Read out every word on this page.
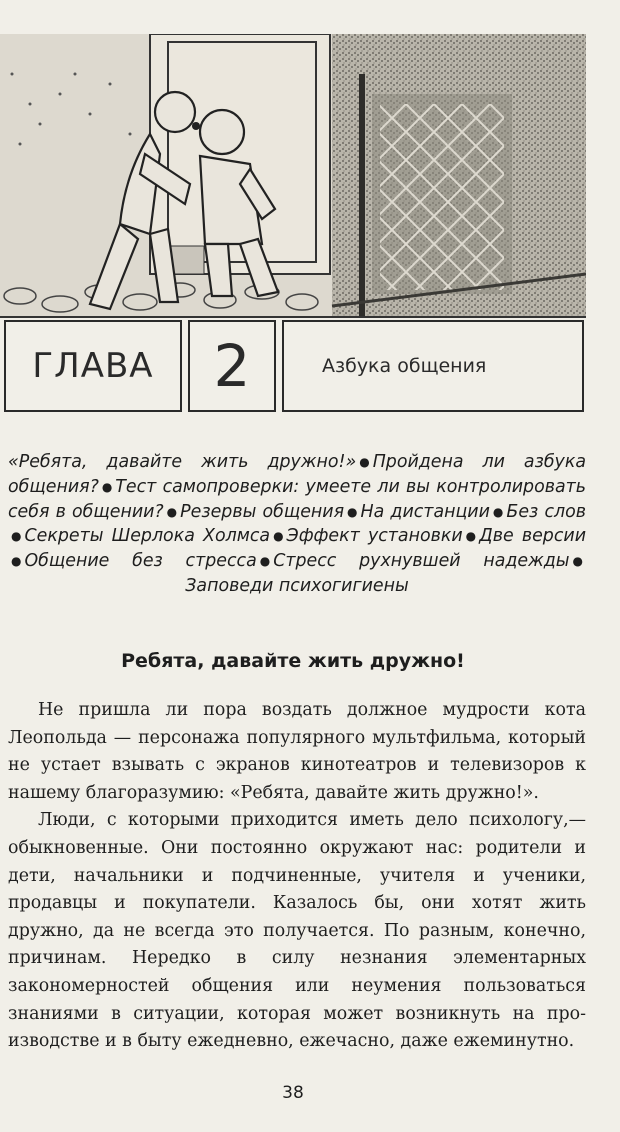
ГЛАВА	2	Азбука общения

«Ребята, давайте жить дружно!» ● Пройдена ли азбука общения? ● Тест самопроверки: умеете ли вы контролировать себя в общении? ● Резервы общения ● На дистанции ● Без слов● Секреты Шерлока Холмса ● Эффект установки ● Две версии● Общение без стресса ● Стресс рухнувшей надежды ●Заповеди психогигиены

Ребята, давайте жить дружно!

Не пришла ли пора воздать должное мудрости кота Леопольда — персонажа популярного мультфильма, который не устает взывать с экранов кинотеатров и телевизоров к нашему благоразумию: «Ребята, давайте жить дружно!».

Люди, с которыми приходится иметь дело психологу,— обыкновенные. Они постоянно окружают нас: родители и дети, начальники и подчиненные, учителя и ученики, продавцы и покупатели. Казалось бы, они хотят жить дружно, да не всегда это получается. По разным, конечно, причинам. Нередко в силу незнания элементарных закономерностей общения или неумения пользоваться знаниями в ситуации, которая может возникнуть на производстве и в быту ежедневно, ежечасно, даже ежеминутно.

38
